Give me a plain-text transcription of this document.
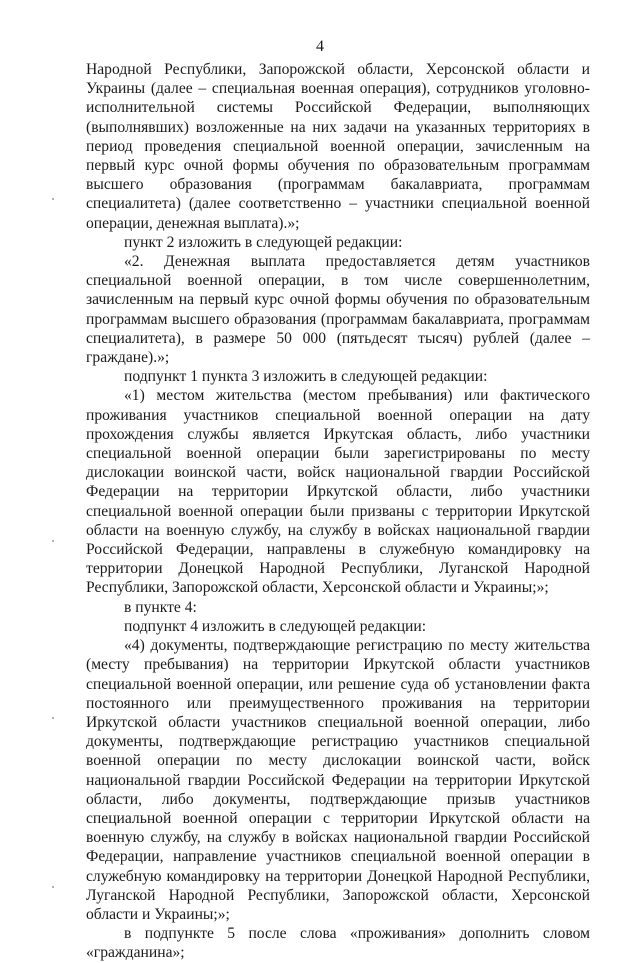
4

Народной Республики, Запорожской области, Херсонской области и Украины (далее – специальная военная операция), сотрудников уголовно-исполнительной системы Российской Федерации, выполняющих (выполнявших) возложенные на них задачи на указанных территориях в период проведения специальной военной операции, зачисленным на первый курс очной формы обучения по образовательным программам высшего образования (программам бакалавриата, программам специалитета) (далее соответственно – участники специальной военной операции, денежная выплата).»;

пункт 2 изложить в следующей редакции:

«2. Денежная выплата предоставляется детям участников специальной военной операции, в том числе совершеннолетним, зачисленным на первый курс очной формы обучения по образовательным программам высшего образования (программам бакалавриата, программам специалитета), в размере 50 000 (пятьдесят тысяч) рублей (далее – граждане).»;

подпункт 1 пункта 3 изложить в следующей редакции:

«1) местом жительства (местом пребывания) или фактического проживания участников специальной военной операции на дату прохождения службы является Иркутская область, либо участники специальной военной операции были зарегистрированы по месту дислокации воинской части, войск национальной гвардии Российской Федерации на территории Иркутской области, либо участники специальной военной операции были призваны с территории Иркутской области на военную службу, на службу в войсках национальной гвардии Российской Федерации, направлены в служебную командировку на территории Донецкой Народной Республики, Луганской Народной Республики, Запорожской области, Херсонской области и Украины;»;

в пункте 4:

подпункт 4 изложить в следующей редакции:

«4) документы, подтверждающие регистрацию по месту жительства (месту пребывания) на территории Иркутской области участников специальной военной операции, или решение суда об установлении факта постоянного или преимущественного проживания на территории Иркутской области участников специальной военной операции, либо документы, подтверждающие регистрацию участников специальной военной операции по месту дислокации воинской части, войск национальной гвардии Российской Федерации на территории Иркутской области, либо документы, подтверждающие призыв участников специальной военной операции с территории Иркутской области на военную службу, на службу в войсках национальной гвардии Российской Федерации, направление участников специальной военной операции в служебную командировку на территории Донецкой Народной Республики, Луганской Народной Республики, Запорожской области, Херсонской области и Украины;»;

в подпункте 5 после слова «проживания» дополнить словом «гражданина»;
